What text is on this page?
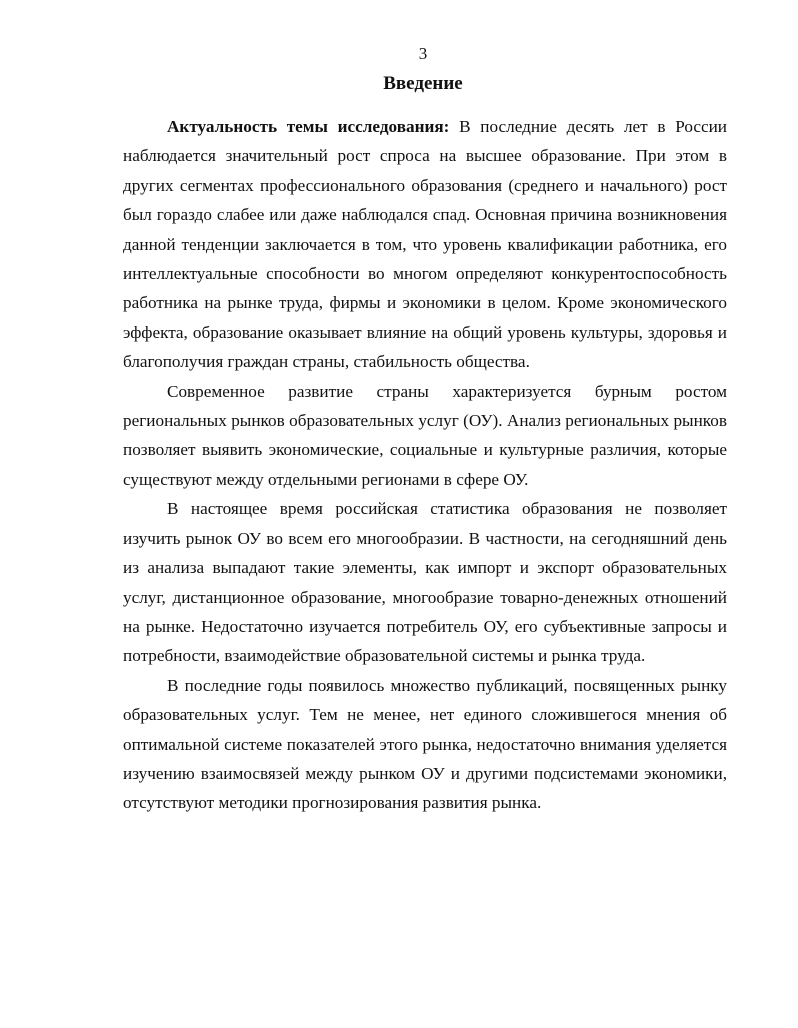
3
Введение

Актуальность темы исследования: В последние десять лет в России наблюдается значительный рост спроса на высшее образование. При этом в других сегментах профессионального образования (среднего и начального) рост был гораздо слабее или даже наблюдался спад. Основная причина возникновения данной тенденции заключается в том, что уровень квалификации работника, его интеллектуальные способности во многом определяют конкурентоспособность работника на рынке труда, фирмы и экономики в целом. Кроме экономического эффекта, образование оказывает влияние на общий уровень культуры, здоровья и благополучия граждан страны, стабильность общества.

Современное развитие страны характеризуется бурным ростом региональных рынков образовательных услуг (ОУ). Анализ региональных рынков позволяет выявить экономические, социальные и культурные различия, которые существуют между отдельными регионами в сфере ОУ.

В настоящее время российская статистика образования не позволяет изучить рынок ОУ во всем его многообразии. В частности, на сегодняшний день из анализа выпадают такие элементы, как импорт и экспорт образовательных услуг, дистанционное образование, многообразие товарно-денежных отношений на рынке. Недостаточно изучается потребитель ОУ, его субъективные запросы и потребности, взаимодействие образовательной системы и рынка труда.

В последние годы появилось множество публикаций, посвященных рынку образовательных услуг. Тем не менее, нет единого сложившегося мнения об оптимальной системе показателей этого рынка, недостаточно внимания уделяется изучению взаимосвязей между рынком ОУ и другими подсистемами экономики, отсутствуют методики прогнозирования развития рынка.
